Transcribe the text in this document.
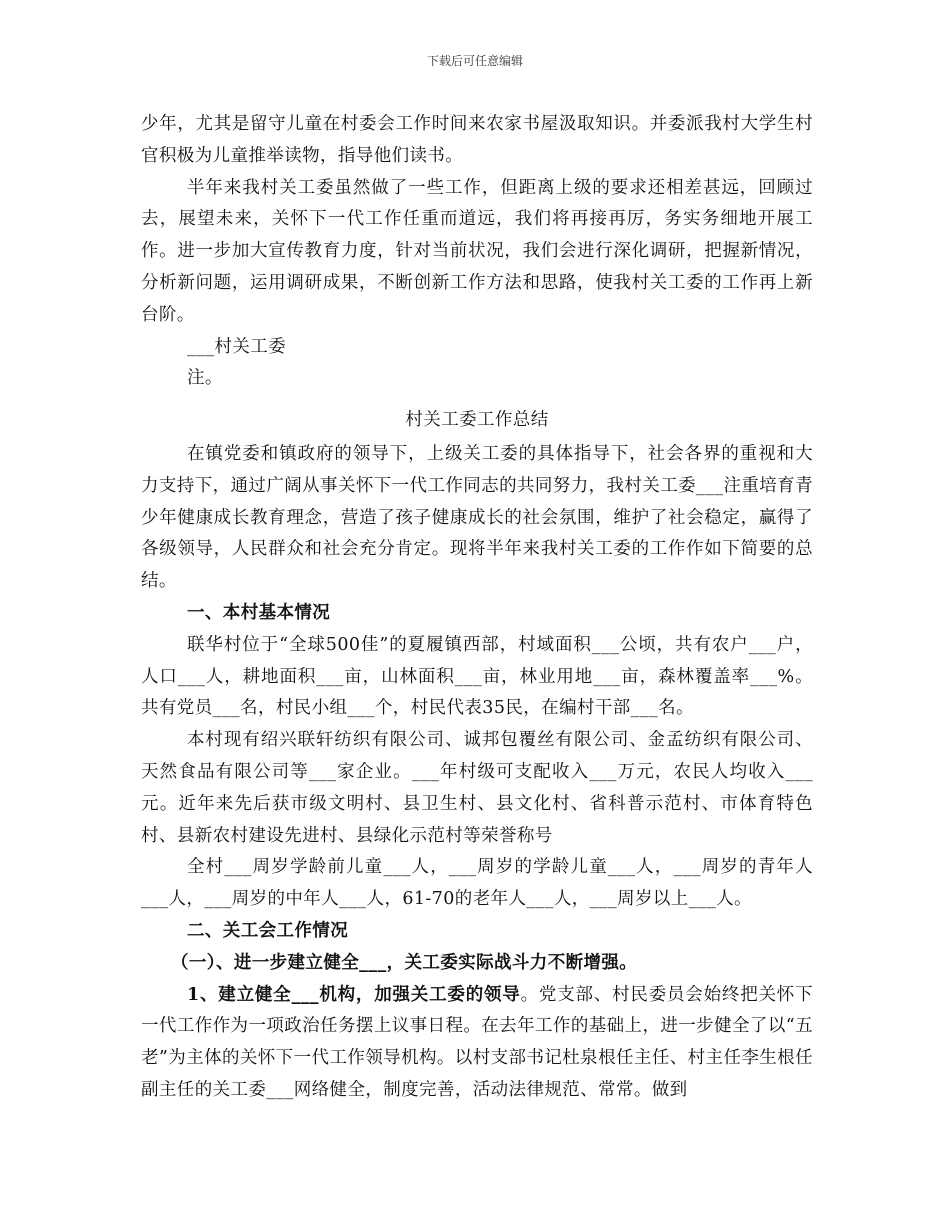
下载后可任意编辑

少年，尤其是留守儿童在村委会工作时间来农家书屋汲取知识。并委派我村大学生村官积极为儿童推举读物，指导他们读书。

半年来我村关工委虽然做了一些工作，但距离上级的要求还相差甚远，回顾过去，展望未来，关怀下一代工作任重而道远，我们将再接再厉，务实务细地开展工作。进一步加大宣传教育力度，针对当前状况，我们会进行深化调研，把握新情况，分析新问题，运用调研成果，不断创新工作方法和思路，使我村关工委的工作再上新台阶。

___村关工委

注。

村关工委工作总结

在镇党委和镇政府的领导下，上级关工委的具体指导下，社会各界的重视和大力支持下，通过广阔从事关怀下一代工作同志的共同努力，我村关工委___注重培育青少年健康成长教育理念，营造了孩子健康成长的社会氛围，维护了社会稳定，赢得了各级领导，人民群众和社会充分肯定。现将半年来我村关工委的工作作如下简要的总结。

一、本村基本情况

联华村位于“全球500佳”的夏履镇西部，村域面积___公顷，共有农户___户，人口___人，耕地面积___亩，山林面积___亩，林业用地___亩，森林覆盖率___%。共有党员___名，村民小组___个，村民代表35民，在编村干部___名。

本村现有绍兴联轩纺织有限公司、诚邦包覆丝有限公司、金孟纺织有限公司、天然食品有限公司等___家企业。___年村级可支配收入___万元，农民人均收入___元。近年来先后获市级文明村、县卫生村、县文化村、省科普示范村、市体育特色村、县新农村建设先进村、县绿化示范村等荣誉称号

全村___周岁学龄前儿童___人，___周岁的学龄儿童___人，___周岁的青年人___人，___周岁的中年人___人，61-70的老年人___人，___周岁以上___人。

二、关工会工作情况

（一）、进一步建立健全___，关工委实际战斗力不断增强。

1、建立健全___机构，加强关工委的领导。党支部、村民委员会始终把关怀下一代工作作为一项政治任务摆上议事日程。在去年工作的基础上，进一步健全了以“五老”为主体的关怀下一代工作领导机构。以村支部书记杜泉根任主任、村主任李生根任副主任的关工委___网络健全，制度完善，活动法律规范、常常。做到
